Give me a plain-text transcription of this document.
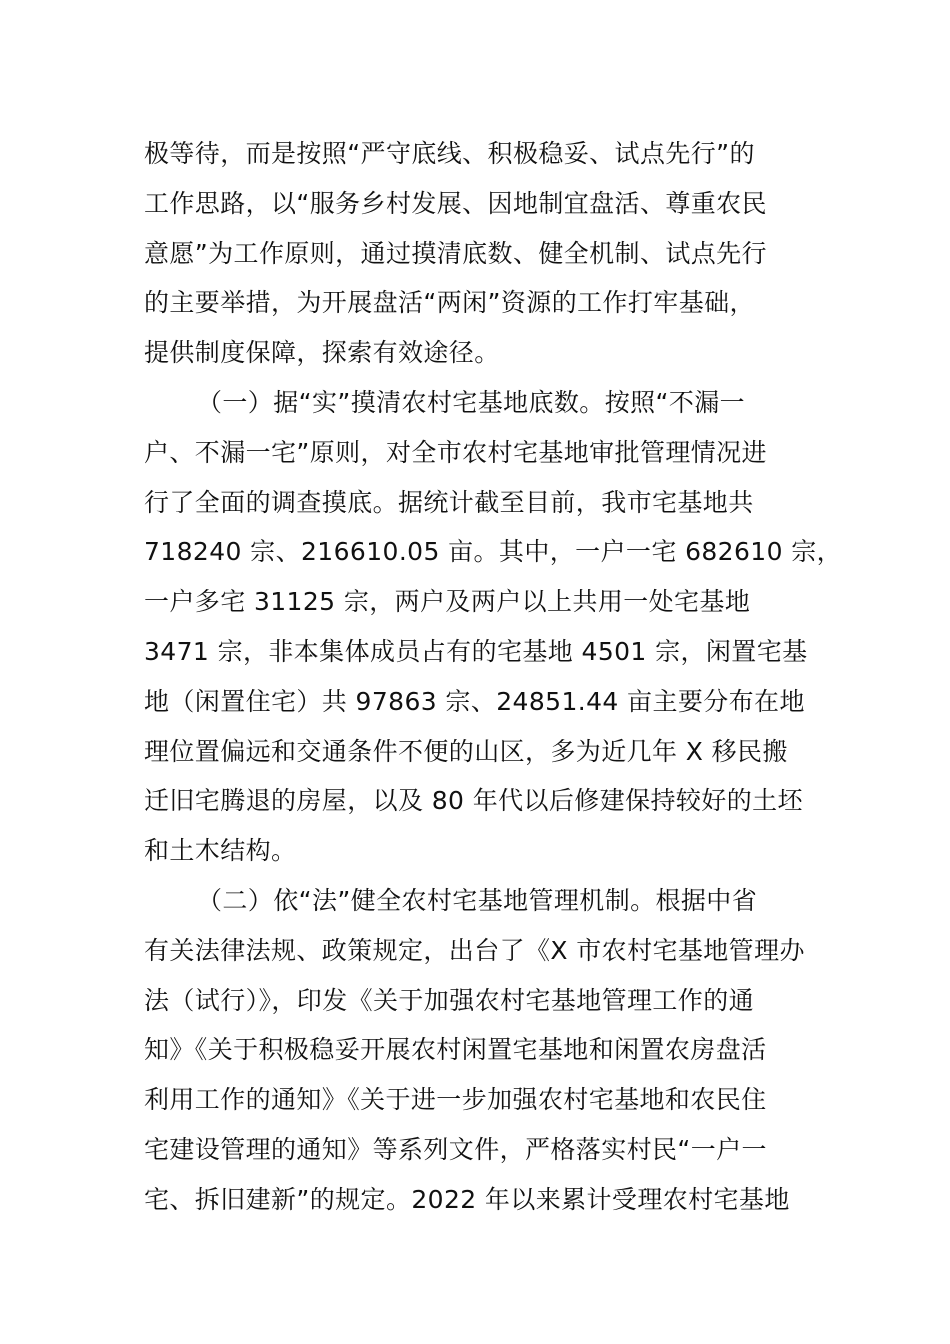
极等待，而是按照“严守底线、积极稳妥、试点先行”的
工作思路，以“服务乡村发展、因地制宜盘活、尊重农民
意愿”为工作原则，通过摸清底数、健全机制、试点先行
的主要举措，为开展盘活“两闲”资源的工作打牢基础，
提供制度保障，探索有效途径。
（一）据“实”摸清农村宅基地底数。按照“不漏一
户、不漏一宅”原则，对全市农村宅基地审批管理情况进
行了全面的调查摸底。据统计截至目前，我市宅基地共
718240 宗、216610.05 亩。其中，一户一宅 682610 宗，
一户多宅 31125 宗，两户及两户以上共用一处宅基地
3471 宗，非本集体成员占有的宅基地 4501 宗，闲置宅基
地（闲置住宅）共 97863 宗、24851.44 亩主要分布在地
理位置偏远和交通条件不便的山区，多为近几年 X 移民搬
迁旧宅腾退的房屋，以及 80 年代以后修建保持较好的土坯
和土木结构。
（二）依“法”健全农村宅基地管理机制。根据中省
有关法律法规、政策规定，出台了《X 市农村宅基地管理办
法（试行）》，印发《关于加强农村宅基地管理工作的通
知》《关于积极稳妥开展农村闲置宅基地和闲置农房盘活
利用工作的通知》《关于进一步加强农村宅基地和农民住
宅建设管理的通知》等系列文件，严格落实村民“一户一
宅、拆旧建新”的规定。2022 年以来累计受理农村宅基地
